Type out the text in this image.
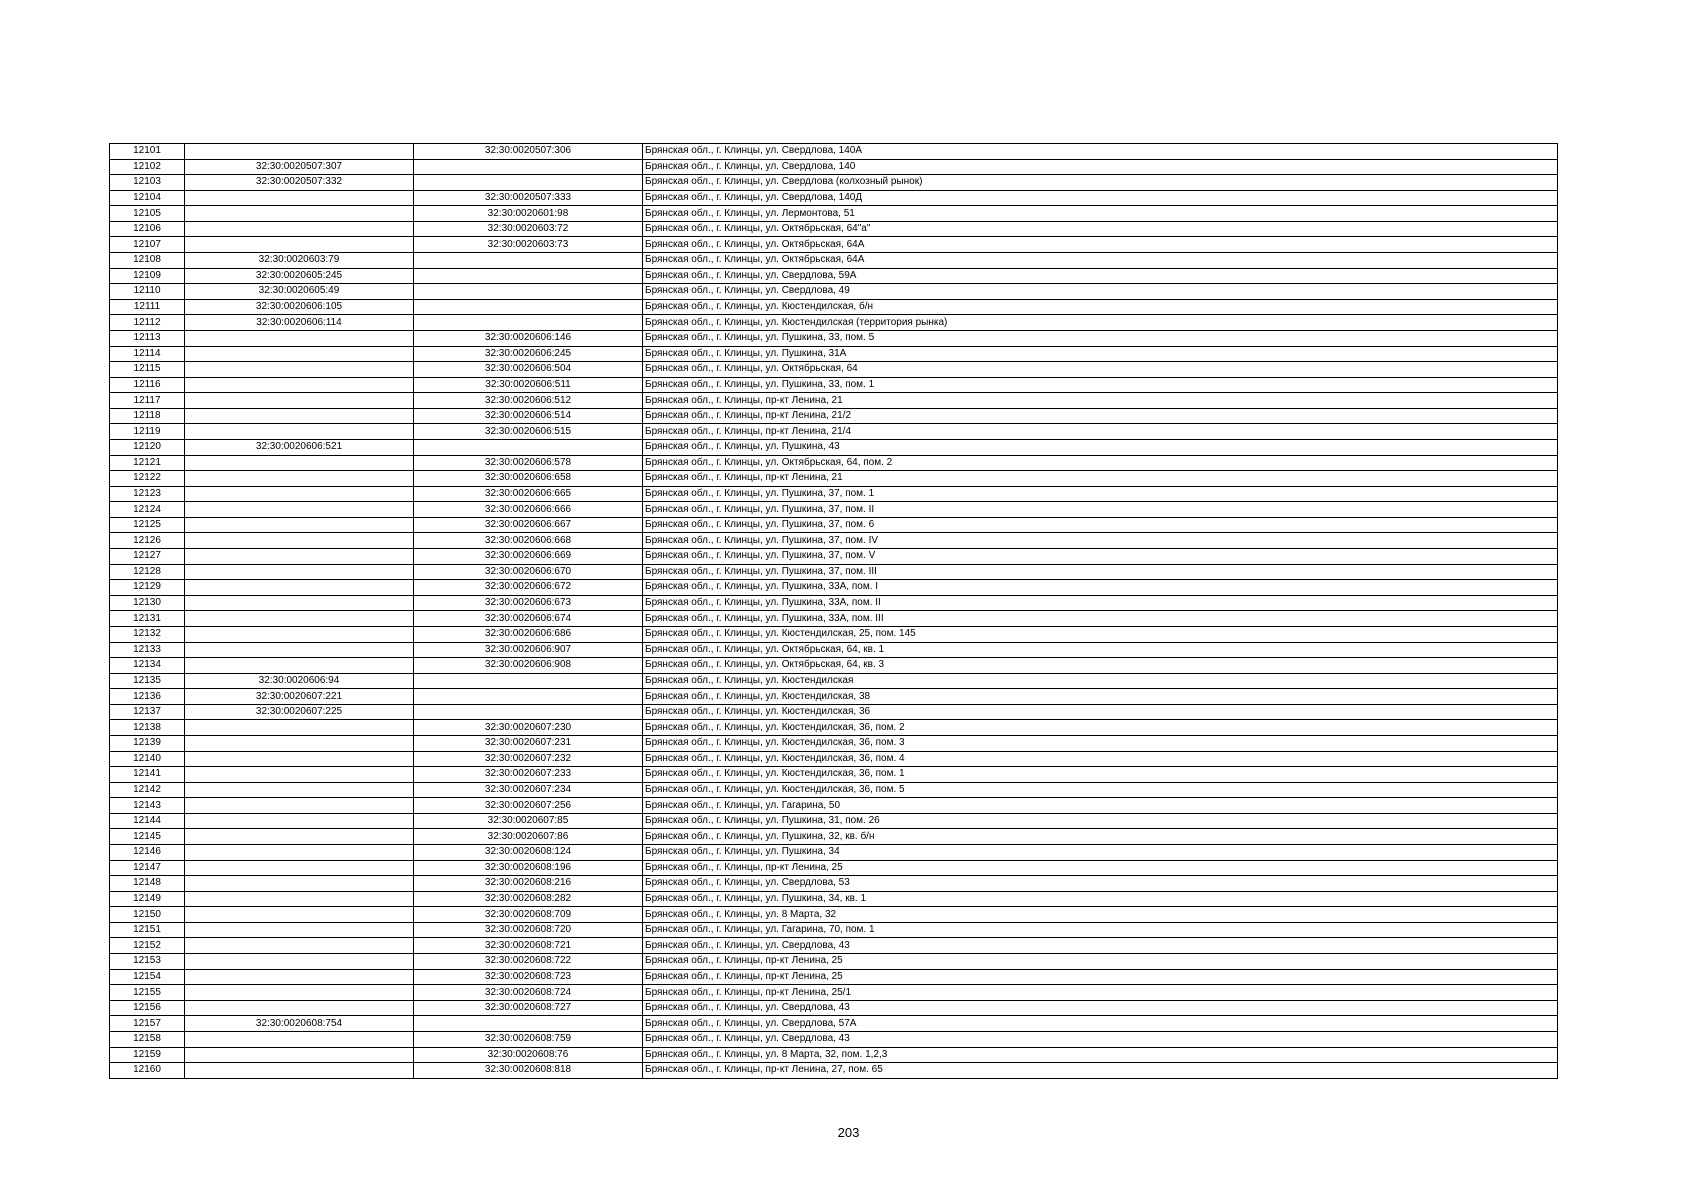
12101		32:30:0020507:306	Брянская обл., г. Клинцы, ул. Свердлова, 140А
12102	32:30:0020507:307		Брянская обл., г. Клинцы, ул. Свердлова, 140
12103	32:30:0020507:332		Брянская обл., г. Клинцы, ул. Свердлова (колхозный рынок)
12104		32:30:0020507:333	Брянская обл., г. Клинцы, ул. Свердлова, 140Д
12105		32:30:0020601:98	Брянская обл., г. Клинцы, ул. Лермонтова, 51
12106		32:30:0020603:72	Брянская обл., г. Клинцы, ул. Октябрьская, 64"а"
12107		32:30:0020603:73	Брянская обл., г. Клинцы, ул. Октябрьская, 64А
12108	32:30:0020603:79		Брянская обл., г. Клинцы, ул. Октябрьская, 64А
12109	32:30:0020605:245		Брянская обл., г. Клинцы, ул. Свердлова, 59А
12110	32:30:0020605:49		Брянская обл., г. Клинцы, ул. Свердлова, 49
12111	32:30:0020606:105		Брянская обл., г. Клинцы, ул. Кюстендилская, б/н
12112	32:30:0020606:114		Брянская обл., г. Клинцы, ул. Кюстендилская (территория рынка)
12113		32:30:0020606:146	Брянская обл., г. Клинцы, ул. Пушкина, 33, пом. 5
12114		32:30:0020606:245	Брянская обл., г. Клинцы, ул. Пушкина, 31А
12115		32:30:0020606:504	Брянская обл., г. Клинцы, ул. Октябрьская, 64
12116		32:30:0020606:511	Брянская обл., г. Клинцы, ул. Пушкина, 33, пом. 1
12117		32:30:0020606:512	Брянская обл., г. Клинцы, пр-кт Ленина, 21
12118		32:30:0020606:514	Брянская обл., г. Клинцы, пр-кт Ленина, 21/2
12119		32:30:0020606:515	Брянская обл., г. Клинцы, пр-кт Ленина, 21/4
12120	32:30:0020606:521		Брянская обл., г. Клинцы, ул. Пушкина, 43
12121		32:30:0020606:578	Брянская обл., г. Клинцы, ул. Октябрьская, 64, пом. 2
12122		32:30:0020606:658	Брянская обл., г. Клинцы, пр-кт Ленина, 21
12123		32:30:0020606:665	Брянская обл., г. Клинцы, ул. Пушкина, 37, пом. 1
12124		32:30:0020606:666	Брянская обл., г. Клинцы, ул. Пушкина, 37, пом. II
12125		32:30:0020606:667	Брянская обл., г. Клинцы, ул. Пушкина, 37, пом. 6
12126		32:30:0020606:668	Брянская обл., г. Клинцы, ул. Пушкина, 37, пом. IV
12127		32:30:0020606:669	Брянская обл., г. Клинцы, ул. Пушкина, 37, пом. V
12128		32:30:0020606:670	Брянская обл., г. Клинцы, ул. Пушкина, 37, пом. III
12129		32:30:0020606:672	Брянская обл., г. Клинцы, ул. Пушкина, 33А, пом. I
12130		32:30:0020606:673	Брянская обл., г. Клинцы, ул. Пушкина, 33А, пом. II
12131		32:30:0020606:674	Брянская обл., г. Клинцы, ул. Пушкина, 33А, пом. III
12132		32:30:0020606:686	Брянская обл., г. Клинцы, ул. Кюстендилская, 25, пом. 145
12133		32:30:0020606:907	Брянская обл., г. Клинцы, ул. Октябрьская, 64, кв. 1
12134		32:30:0020606:908	Брянская обл., г. Клинцы, ул. Октябрьская, 64, кв. 3
12135	32:30:0020606:94		Брянская обл., г. Клинцы, ул. Кюстендилская
12136	32:30:0020607:221		Брянская обл., г. Клинцы, ул. Кюстендилская, 38
12137	32:30:0020607:225		Брянская обл., г. Клинцы, ул. Кюстендилская, 36
12138		32:30:0020607:230	Брянская обл., г. Клинцы, ул. Кюстендилская, 36, пом. 2
12139		32:30:0020607:231	Брянская обл., г. Клинцы, ул. Кюстендилская, 36, пом. 3
12140		32:30:0020607:232	Брянская обл., г. Клинцы, ул. Кюстендилская, 36, пом. 4
12141		32:30:0020607:233	Брянская обл., г. Клинцы, ул. Кюстендилская, 36, пом. 1
12142		32:30:0020607:234	Брянская обл., г. Клинцы, ул. Кюстендилская, 36, пом. 5
12143		32:30:0020607:256	Брянская обл., г. Клинцы, ул. Гагарина, 50
12144		32:30:0020607:85	Брянская обл., г. Клинцы, ул. Пушкина, 31, пом. 26
12145		32:30:0020607:86	Брянская обл., г. Клинцы, ул. Пушкина, 32, кв. б/н
12146		32:30:0020608:124	Брянская обл., г. Клинцы, ул. Пушкина, 34
12147		32:30:0020608:196	Брянская обл., г. Клинцы, пр-кт Ленина, 25
12148		32:30:0020608:216	Брянская обл., г. Клинцы, ул. Свердлова, 53
12149		32:30:0020608:282	Брянская обл., г. Клинцы, ул. Пушкина, 34, кв. 1
12150		32:30:0020608:709	Брянская обл., г. Клинцы, ул. 8 Марта, 32
12151		32:30:0020608:720	Брянская обл., г. Клинцы, ул. Гагарина, 70, пом. 1
12152		32:30:0020608:721	Брянская обл., г. Клинцы, ул. Свердлова, 43
12153		32:30:0020608:722	Брянская обл., г. Клинцы, пр-кт Ленина, 25
12154		32:30:0020608:723	Брянская обл., г. Клинцы, пр-кт Ленина, 25
12155		32:30:0020608:724	Брянская обл., г. Клинцы, пр-кт Ленина, 25/1
12156		32:30:0020608:727	Брянская обл., г. Клинцы, ул. Свердлова, 43
12157	32:30:0020608:754		Брянская обл., г. Клинцы, ул. Свердлова, 57А
12158		32:30:0020608:759	Брянская обл., г. Клинцы, ул. Свердлова, 43
12159		32:30:0020608:76	Брянская обл., г. Клинцы, ул. 8 Марта, 32, пом. 1,2,3
12160		32:30:0020608:818	Брянская обл., г. Клинцы, пр-кт Ленина, 27, пом. 65
203
